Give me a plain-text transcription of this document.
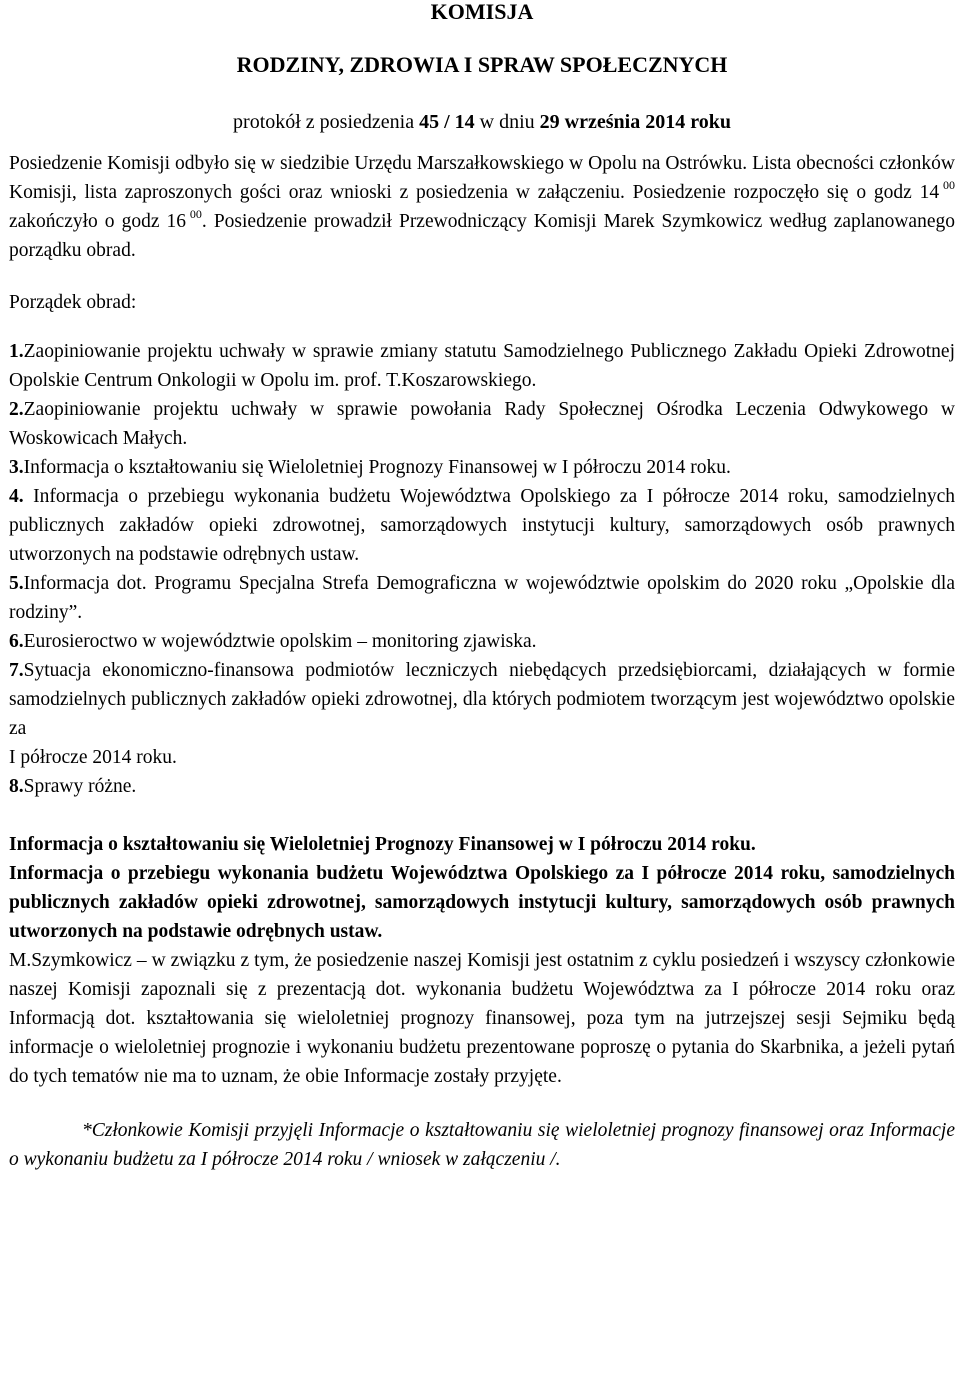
KOMISJA
RODZINY, ZDROWIA I SPRAW SPOŁECZNYCH
protokół z posiedzenia 45 / 14 w dniu 29 września 2014 roku
Posiedzenie Komisji odbyło się w siedzibie Urzędu Marszałkowskiego w Opolu na Ostrówku. Lista obecności członków Komisji, lista zaproszonych gości oraz wnioski z posiedzenia w załączeniu. Posiedzenie rozpoczęło się o godz 14  $^{00}$ zakończyło o godz 16  $^{00}$. Posiedzenie prowadził Przewodniczący Komisji Marek Szymkowicz według zaplanowanego porządku obrad.
Porządek obrad:

1.Zaopiniowanie projektu uchwały w sprawie zmiany statutu Samodzielnego Publicznego Zakładu Opieki Zdrowotnej Opolskie Centrum Onkologii w Opolu im. prof. T.Koszarowskiego.

2.Zaopiniowanie projektu uchwały w sprawie powołania Rady Społecznej Ośrodka Leczenia Odwykowego w Woskowicach Małych.

3.Informacja o kształtowaniu się Wieloletniej Prognozy Finansowej w I półroczu 2014 roku.

4. Informacja o przebiegu wykonania budżetu Województwa Opolskiego za I półrocze 2014 roku, samodzielnych publicznych zakładów opieki zdrowotnej, samorządowych instytucji kultury, samorządowych osób prawnych utworzonych na podstawie odrębnych ustaw.

5.Informacja dot. Programu Specjalna Strefa Demograficzna w województwie opolskim do 2020 roku „Opolskie dla rodziny”.

6.Eurosieroctwo w województwie opolskim – monitoring zjawiska.

7.Sytuacja ekonomiczno-finansowa podmiotów leczniczych niebędących przedsiębiorcami, działających w formie samodzielnych publicznych zakładów opieki zdrowotnej, dla których podmiotem tworzącym jest województwo opolskie za
I półrocze 2014 roku.

8.Sprawy różne.

Informacja o kształtowaniu się Wieloletniej Prognozy Finansowej w I półroczu 2014 roku.

Informacja o przebiegu wykonania budżetu Województwa Opolskiego za I półrocze 2014 roku, samodzielnych publicznych zakładów opieki zdrowotnej, samorządowych instytucji kultury, samorządowych osób prawnych utworzonych na podstawie odrębnych ustaw.

M.Szymkowicz – w związku z tym, że posiedzenie naszej Komisji jest ostatnim z cyklu posiedzeń i wszyscy członkowie naszej Komisji zapoznali się z prezentacją dot. wykonania budżetu Województwa za I półrocze 2014 roku oraz Informacją dot. kształtowania się wieloletniej prognozy finansowej, poza tym na jutrzejszej sesji Sejmiku będą informacje o wieloletniej prognozie i wykonaniu budżetu prezentowane poproszę o pytania do Skarbnika, a jeżeli pytań do tych tematów nie ma to uznam, że obie Informacje zostały przyjęte.

*Członkowie Komisji przyjęli Informacje o kształtowaniu się wieloletniej prognozy finansowej oraz Informacje o wykonaniu budżetu za I półrocze 2014 roku / wniosek w załączeniu /.
